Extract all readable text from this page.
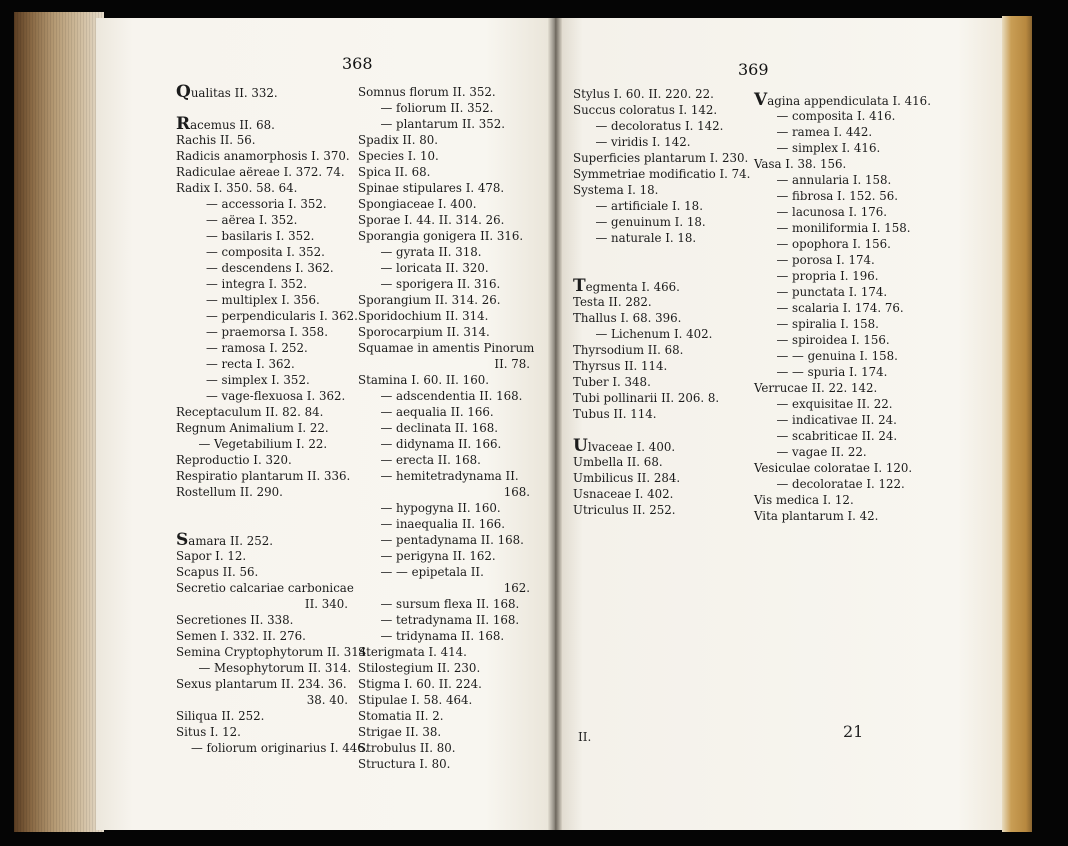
368	369
Qualitas II. 332.
Racemus II. 68.
Rachis II. 56.
Radicis anamorphosis I. 370.
Radiculae aëreae I. 372. 74.
Radix I. 350. 58. 64.
— accessoria I. 352.
— aërea I. 352.
— basilaris I. 352.
— composita I. 352.
— descendens I. 362.
— integra I. 352.
— multiplex I. 356.
— perpendicularis I. 362.
— praemorsa I. 358.
— ramosa I. 252.
— recta I. 362.
— simplex I. 352.
— vage-flexuosa I. 362.
Receptaculum II. 82. 84.
Regnum Animalium I. 22.
— Vegetabilium I. 22.
Reproductio I. 320.
Respiratio plantarum II. 336.
Rostellum II. 290.
Samara II. 252.
Sapor I. 12.
Scapus II. 56.
Secretio calcariae carbonicae
II. 340.
Secretiones II. 338.
Semen I. 332. II. 276.
Semina Cryptophytorum II. 314.
— Mesophytorum II. 314.
Sexus plantarum II. 234. 36.
38. 40.
Siliqua II. 252.
Situs I. 12.
— foliorum originarius I. 446.
Somnus florum II. 352.
— foliorum II. 352.
— plantarum II. 352.
Spadix II. 80.
Species I. 10.
Spica II. 68.
Spinae stipulares I. 478.
Spongiaceae I. 400.
Sporae I. 44. II. 314. 26.
Sporangia gonigera II. 316.
— gyrata II. 318.
— loricata II. 320.
— sporigera II. 316.
Sporangium II. 314. 26.
Sporidochium II. 314.
Sporocarpium II. 314.
Squamae in amentis Pinorum
II. 78.
Stamina I. 60. II. 160.
— adscendentia II. 168.
— aequalia II. 166.
— declinata II. 168.
— didynama II. 166.
— erecta II. 168.
— hemitetradynama II.
168.
— hypogyna II. 160.
— inaequalia II. 166.
— pentadynama II. 168.
— perigyna II. 162.
— — epipetala II.
162.
— sursum flexa II. 168.
— tetradynama II. 168.
— tridynama II. 168.
Sterigmata I. 414.
Stilostegium II. 230.
Stigma I. 60. II. 224.
Stipulae I. 58. 464.
Stomatia II. 2.
Strigae II. 38.
Strobulus II. 80.
Structura I. 80.
Stylus I. 60. II. 220. 22.
Succus coloratus I. 142.
— decoloratus I. 142.
— viridis I. 142.
Superficies plantarum I. 230.
Symmetriae modificatio I. 74.
Systema I. 18.
— artificiale I. 18.
— genuinum I. 18.
— naturale I. 18.
Tegmenta I. 466.
Testa II. 282.
Thallus I. 68. 396.
— Lichenum I. 402.
Thyrsodium II. 68.
Thyrsus II. 114.
Tuber I. 348.
Tubi pollinarii II. 206. 8.
Tubus II. 114.
Ulvaceae I. 400.
Umbella II. 68.
Umbilicus II. 284.
Usnaceae I. 402.
Utriculus II. 252.
Vagina appendiculata I. 416.
— composita I. 416.
— ramea I. 442.
— simplex I. 416.
Vasa I. 38. 156.
— annularia I. 158.
— fibrosa I. 152. 56.
— lacunosa I. 176.
— moniliformia I. 158.
— opophora I. 156.
— porosa I. 174.
— propria I. 196.
— punctata I. 174.
— scalaria I. 174. 76.
— spiralia I. 158.
— spiroidea I. 156.
— — genuina I. 158.
— — spuria I. 174.
Verrucae II. 22. 142.
— exquisitae II. 22.
— indicativae II. 24.
— scabriticae II. 24.
— vagae II. 22.
Vesiculae coloratae I. 120.
— decoloratae I. 122.
Vis medica I. 12.
Vita plantarum I. 42.
II.	21
